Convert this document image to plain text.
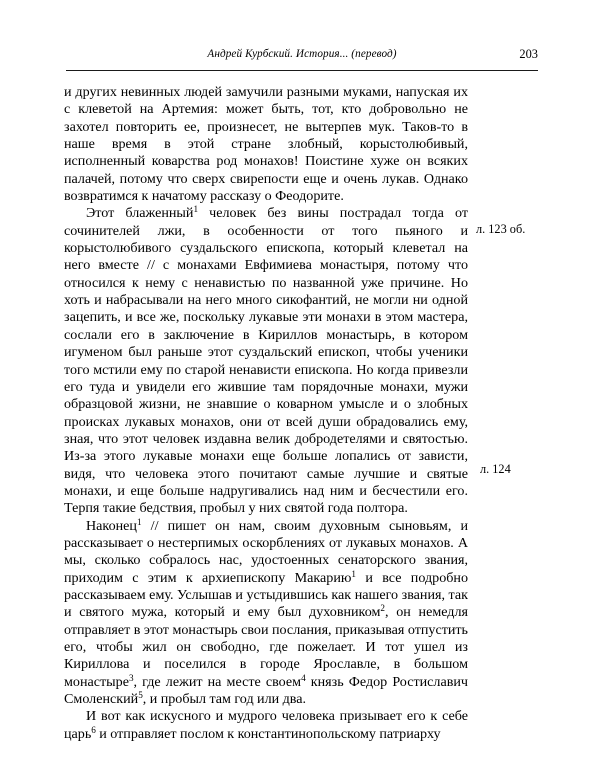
Андрей Курбский. История... (перевод)	203

и других невинных людей замучили разными муками, напуская их с клеветой на Артемия: может быть, тот, кто добровольно не захотел повторить ее, произнесет, не вытерпев мук. Таков-то в наше время в этой стране злобный, корыстолюбивый, исполненный коварства род монахов! Поистине хуже он всяких палачей, потому что сверх свирепости еще и очень лукав. Однако возвратимся к начатому рассказу о Феодорите.

Этот блаженный$^1$ человек без вины пострадал тогда от сочинителей лжи, в особенности от того пьяного и корыстолюбивого суздальского епископа, который клеветал на него вместе // с монахами Евфимиева монастыря, потому что относился к нему с ненавистью по названной уже причине. Но хоть и набрасывали на него много сикофантий, не могли ни одной зацепить, и все же, поскольку лукавые эти монахи в этом мастера, сослали его в заключение в Кириллов монастырь, в котором игуменом был раньше этот суздальский епископ, чтобы ученики того мстили ему по старой ненависти епископа. Но когда привезли его туда и увидели его жившие там порядочные монахи, мужи образцовой жизни, не знавшие о коварном умысле и о злобных происках лукавых монахов, они от всей души обрадовались ему, зная, что этот человек издавна велик добродетелями и святостью. Из-за этого лукавые монахи еще больше лопались от зависти, видя, что человека этого почитают самые лучшие и святые монахи, и еще больше надругивались над ним и бесчестили его. Терпя такие бедствия, пробыл у них святой года полтора.

Наконец$^1$ // пишет он нам, своим духовным сыновьям, и рассказывает о нестерпимых оскорблениях от лукавых монахов. А мы, сколько собралось нас, удостоенных сенаторского звания, приходим с этим к архиепископу Макарию$^1$ и все подробно рассказываем ему. Услышав и устыдившись как нашего звания, так и святого мужа, который и ему был духовником$^2$, он немедля отправляет в этот монастырь свои послания, приказывая отпустить его, чтобы жил он свободно, где пожелает. И тот ушел из Кириллова и поселился в городе Ярославле, в большом монастыре$^3$, где лежит на месте своем$^4$ князь Федор Ростиславич Смоленский$^5$, и пробыл там год или два.

И вот как искусного и мудрого человека призывает его к себе царь$^6$ и отправляет послом к константинопольскому патриарху

л. 123 об.
л. 124
